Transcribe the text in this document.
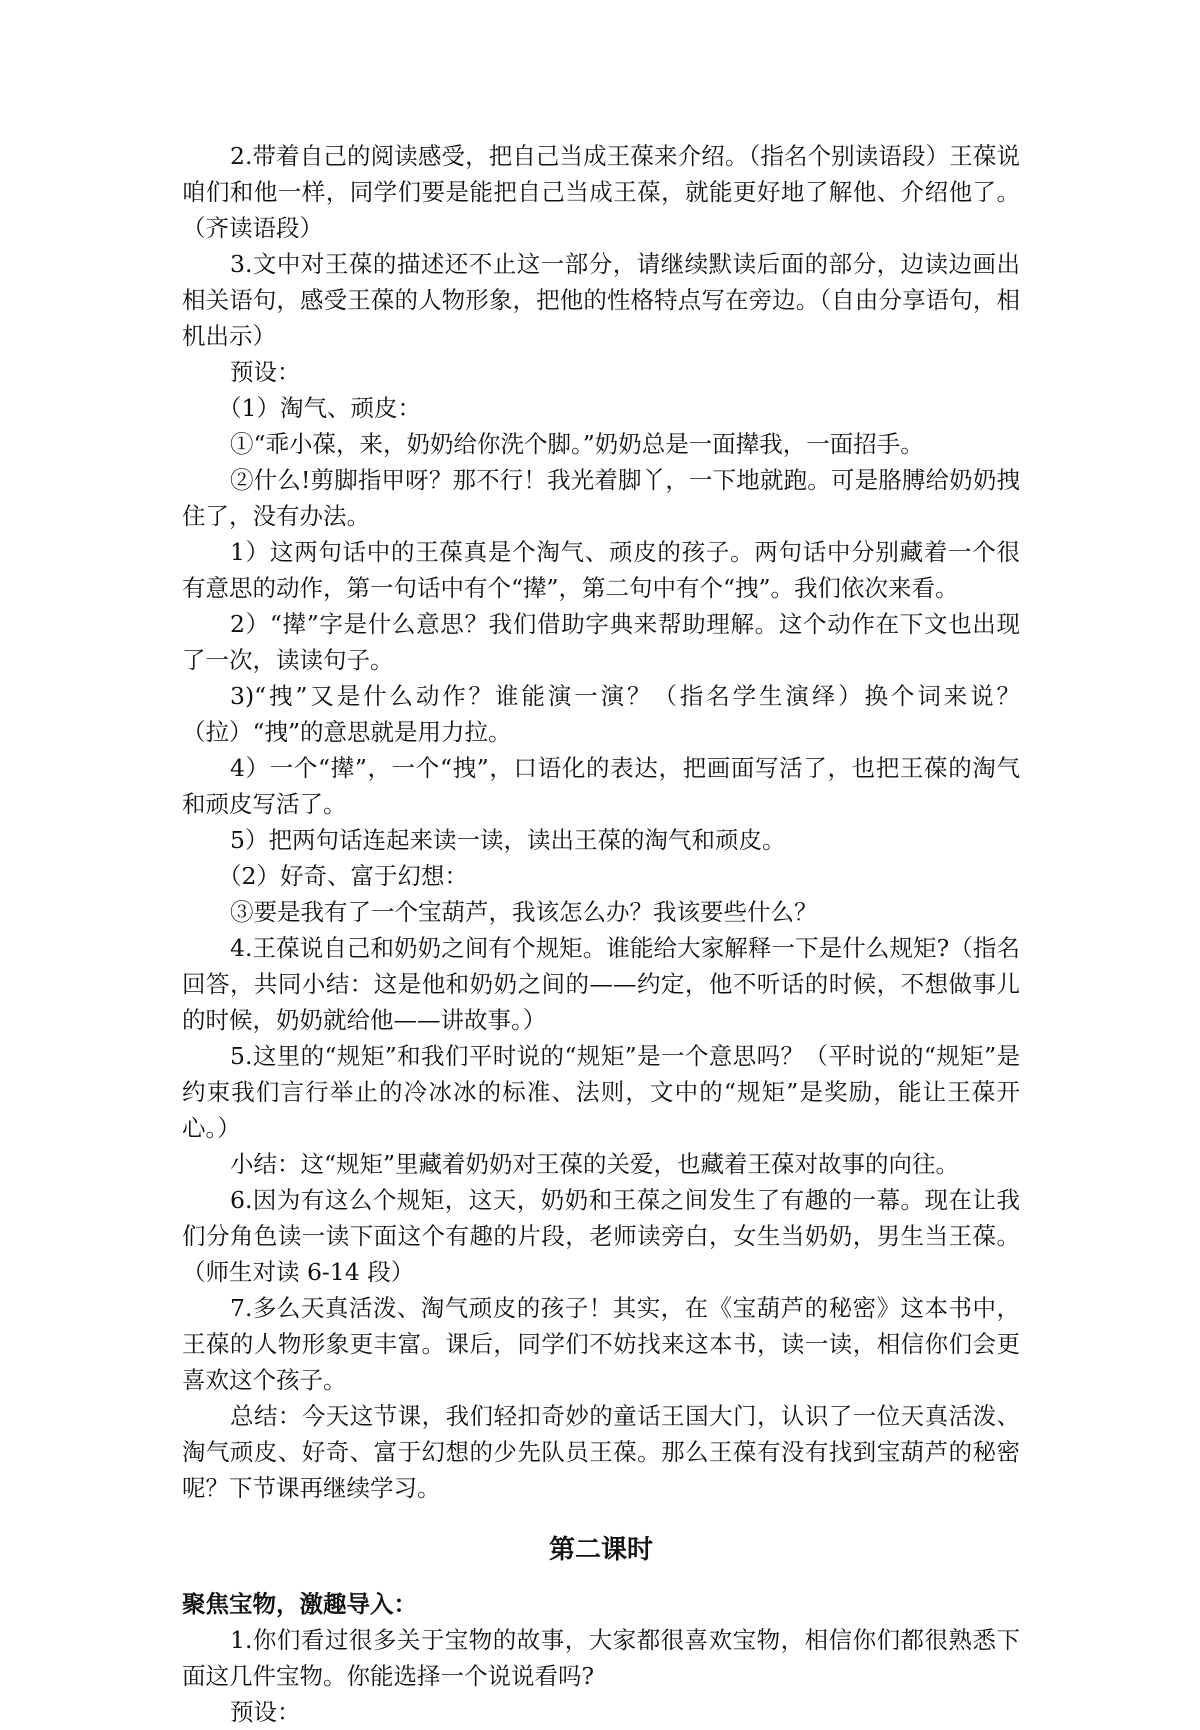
2.带着自己的阅读感受，把自己当成王葆来介绍。（指名个别读语段）王葆说咱们和他一样，同学们要是能把自己当成王葆，就能更好地了解他、介绍他了。（齐读语段）

3.文中对王葆的描述还不止这一部分，请继续默读后面的部分，边读边画出相关语句，感受王葆的人物形象，把他的性格特点写在旁边。（自由分享语句，相机出示）

预设：

（1）淘气、顽皮：

①“乖小葆，来，奶奶给你洗个脚。”奶奶总是一面撵我，一面招手。

②什么!剪脚指甲呀？那不行！我光着脚丫，一下地就跑。可是胳膊给奶奶拽住了，没有办法。

1）这两句话中的王葆真是个淘气、顽皮的孩子。两句话中分别藏着一个很有意思的动作，第一句话中有个“撵”，第二句中有个“拽”。我们依次来看。

2）“撵”字是什么意思？我们借助字典来帮助理解。这个动作在下文也出现了一次，读读句子。

3)“拽”又是什么动作？谁能演一演？（指名学生演绎）换个词来说？（拉）“拽”的意思就是用力拉。

4）一个“撵”，一个“拽”，口语化的表达，把画面写活了，也把王葆的淘气和顽皮写活了。

5）把两句话连起来读一读，读出王葆的淘气和顽皮。

（2）好奇、富于幻想：

③要是我有了一个宝葫芦，我该怎么办？我该要些什么？

4.王葆说自己和奶奶之间有个规矩。谁能给大家解释一下是什么规矩?（指名回答，共同小结：这是他和奶奶之间的——约定，他不听话的时候，不想做事儿的时候，奶奶就给他——讲故事。）

5.这里的“规矩”和我们平时说的“规矩”是一个意思吗？（平时说的“规矩”是约束我们言行举止的冷冰冰的标准、法则，文中的“规矩”是奖励，能让王葆开心。）

小结：这“规矩”里藏着奶奶对王葆的关爱，也藏着王葆对故事的向往。

6.因为有这么个规矩，这天，奶奶和王葆之间发生了有趣的一幕。现在让我们分角色读一读下面这个有趣的片段，老师读旁白，女生当奶奶，男生当王葆。（师生对读 6-14 段）

7.多么天真活泼、淘气顽皮的孩子！其实，在《宝葫芦的秘密》这本书中，王葆的人物形象更丰富。课后，同学们不妨找来这本书，读一读，相信你们会更喜欢这个孩子。

总结：今天这节课，我们轻扣奇妙的童话王国大门，认识了一位天真活泼、淘气顽皮、好奇、富于幻想的少先队员王葆。那么王葆有没有找到宝葫芦的秘密呢？下节课再继续学习。

第二课时

聚焦宝物，激趣导入：

1.你们看过很多关于宝物的故事，大家都很喜欢宝物，相信你们都很熟悉下面这几件宝物。你能选择一个说说看吗?

预设：
